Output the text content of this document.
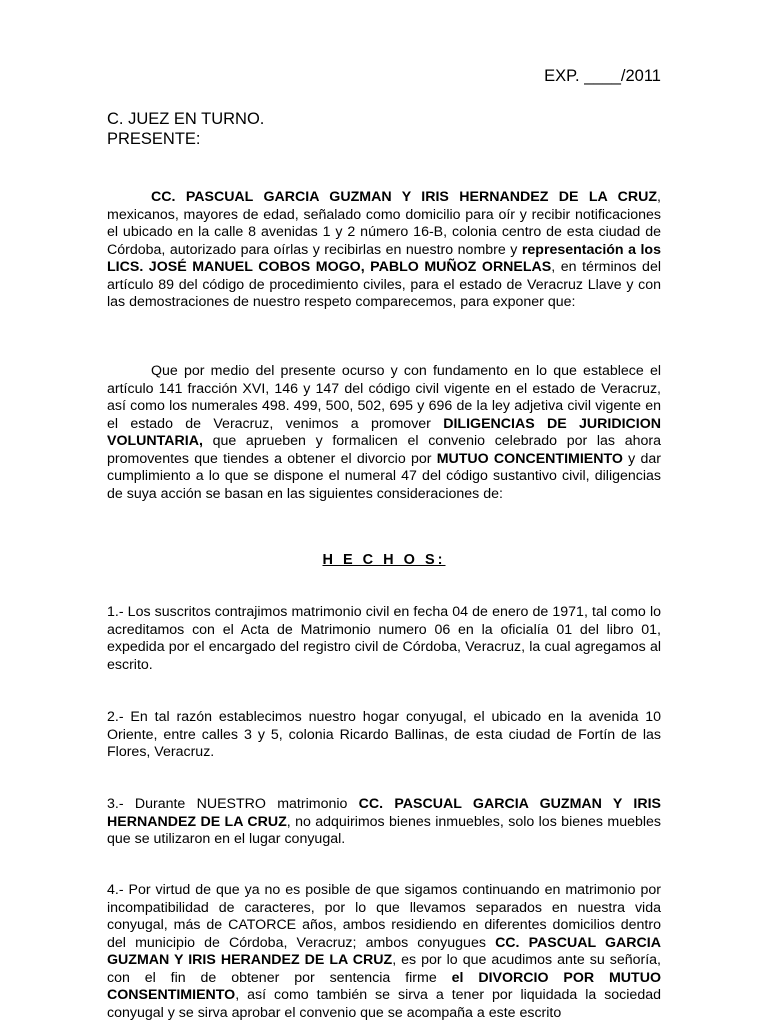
EXP. ____/2011
C. JUEZ EN TURNO.
PRESENTE:

CC. PASCUAL GARCIA GUZMAN Y IRIS HERNANDEZ DE LA CRUZ, mexicanos, mayores de edad, señalado como domicilio para oír y recibir notificaciones el ubicado en la calle 8 avenidas 1 y 2 número 16-B, colonia centro de esta ciudad de Córdoba, autorizado para oírlas y recibirlas en nuestro nombre y representación a los LICS. JOSÉ MANUEL COBOS MOGO, PABLO MUÑOZ ORNELAS, en términos del artículo 89 del código de procedimiento civiles, para el estado de Veracruz Llave y con las demostraciones de nuestro respeto comparecemos, para exponer que:

Que por medio del presente ocurso y con fundamento en lo que establece el artículo 141 fracción XVI, 146 y 147 del código civil vigente en el estado de Veracruz, así como los numerales 498. 499, 500, 502, 695 y 696 de la ley adjetiva civil vigente en el estado de Veracruz, venimos a promover DILIGENCIAS DE JURIDICION VOLUNTARIA, que aprueben y formalicen el convenio celebrado por las ahora promoventes que tiendes a obtener el divorcio por MUTUO CONCENTIMIENTO y dar cumplimiento a lo que se dispone el numeral 47 del código sustantivo civil, diligencias de suya acción se basan en las siguientes consideraciones de:

H E C H O S:

1.- Los suscritos contrajimos matrimonio civil en fecha 04 de enero de 1971, tal como lo acreditamos con el Acta de Matrimonio numero 06 en la oficialía 01 del libro 01, expedida por el encargado del registro civil de Córdoba, Veracruz, la cual agregamos al escrito.

2.- En tal razón establecimos nuestro hogar conyugal, el ubicado en la avenida 10 Oriente, entre calles 3 y 5, colonia Ricardo Ballinas, de esta ciudad de Fortín de las Flores, Veracruz.

3.- Durante NUESTRO matrimonio CC. PASCUAL GARCIA GUZMAN Y IRIS HERNANDEZ DE LA CRUZ, no adquirimos bienes inmuebles, solo los bienes muebles que se utilizaron en el lugar conyugal.

4.- Por virtud de que ya no es posible de que sigamos continuando en matrimonio por incompatibilidad de caracteres, por lo que llevamos separados en nuestra vida conyugal, más de CATORCE años, ambos residiendo en diferentes domicilios dentro del municipio de Córdoba, Veracruz; ambos conyugues CC. PASCUAL GARCIA GUZMAN Y IRIS HERANDEZ DE LA CRUZ, es por lo que acudimos ante su señoría, con el fin de obtener por sentencia firme el DIVORCIO POR MUTUO CONSENTIMIENTO, así como también se sirva a tener por liquidada la sociedad conyugal y se sirva aprobar el convenio que se acompaña a este escrito
